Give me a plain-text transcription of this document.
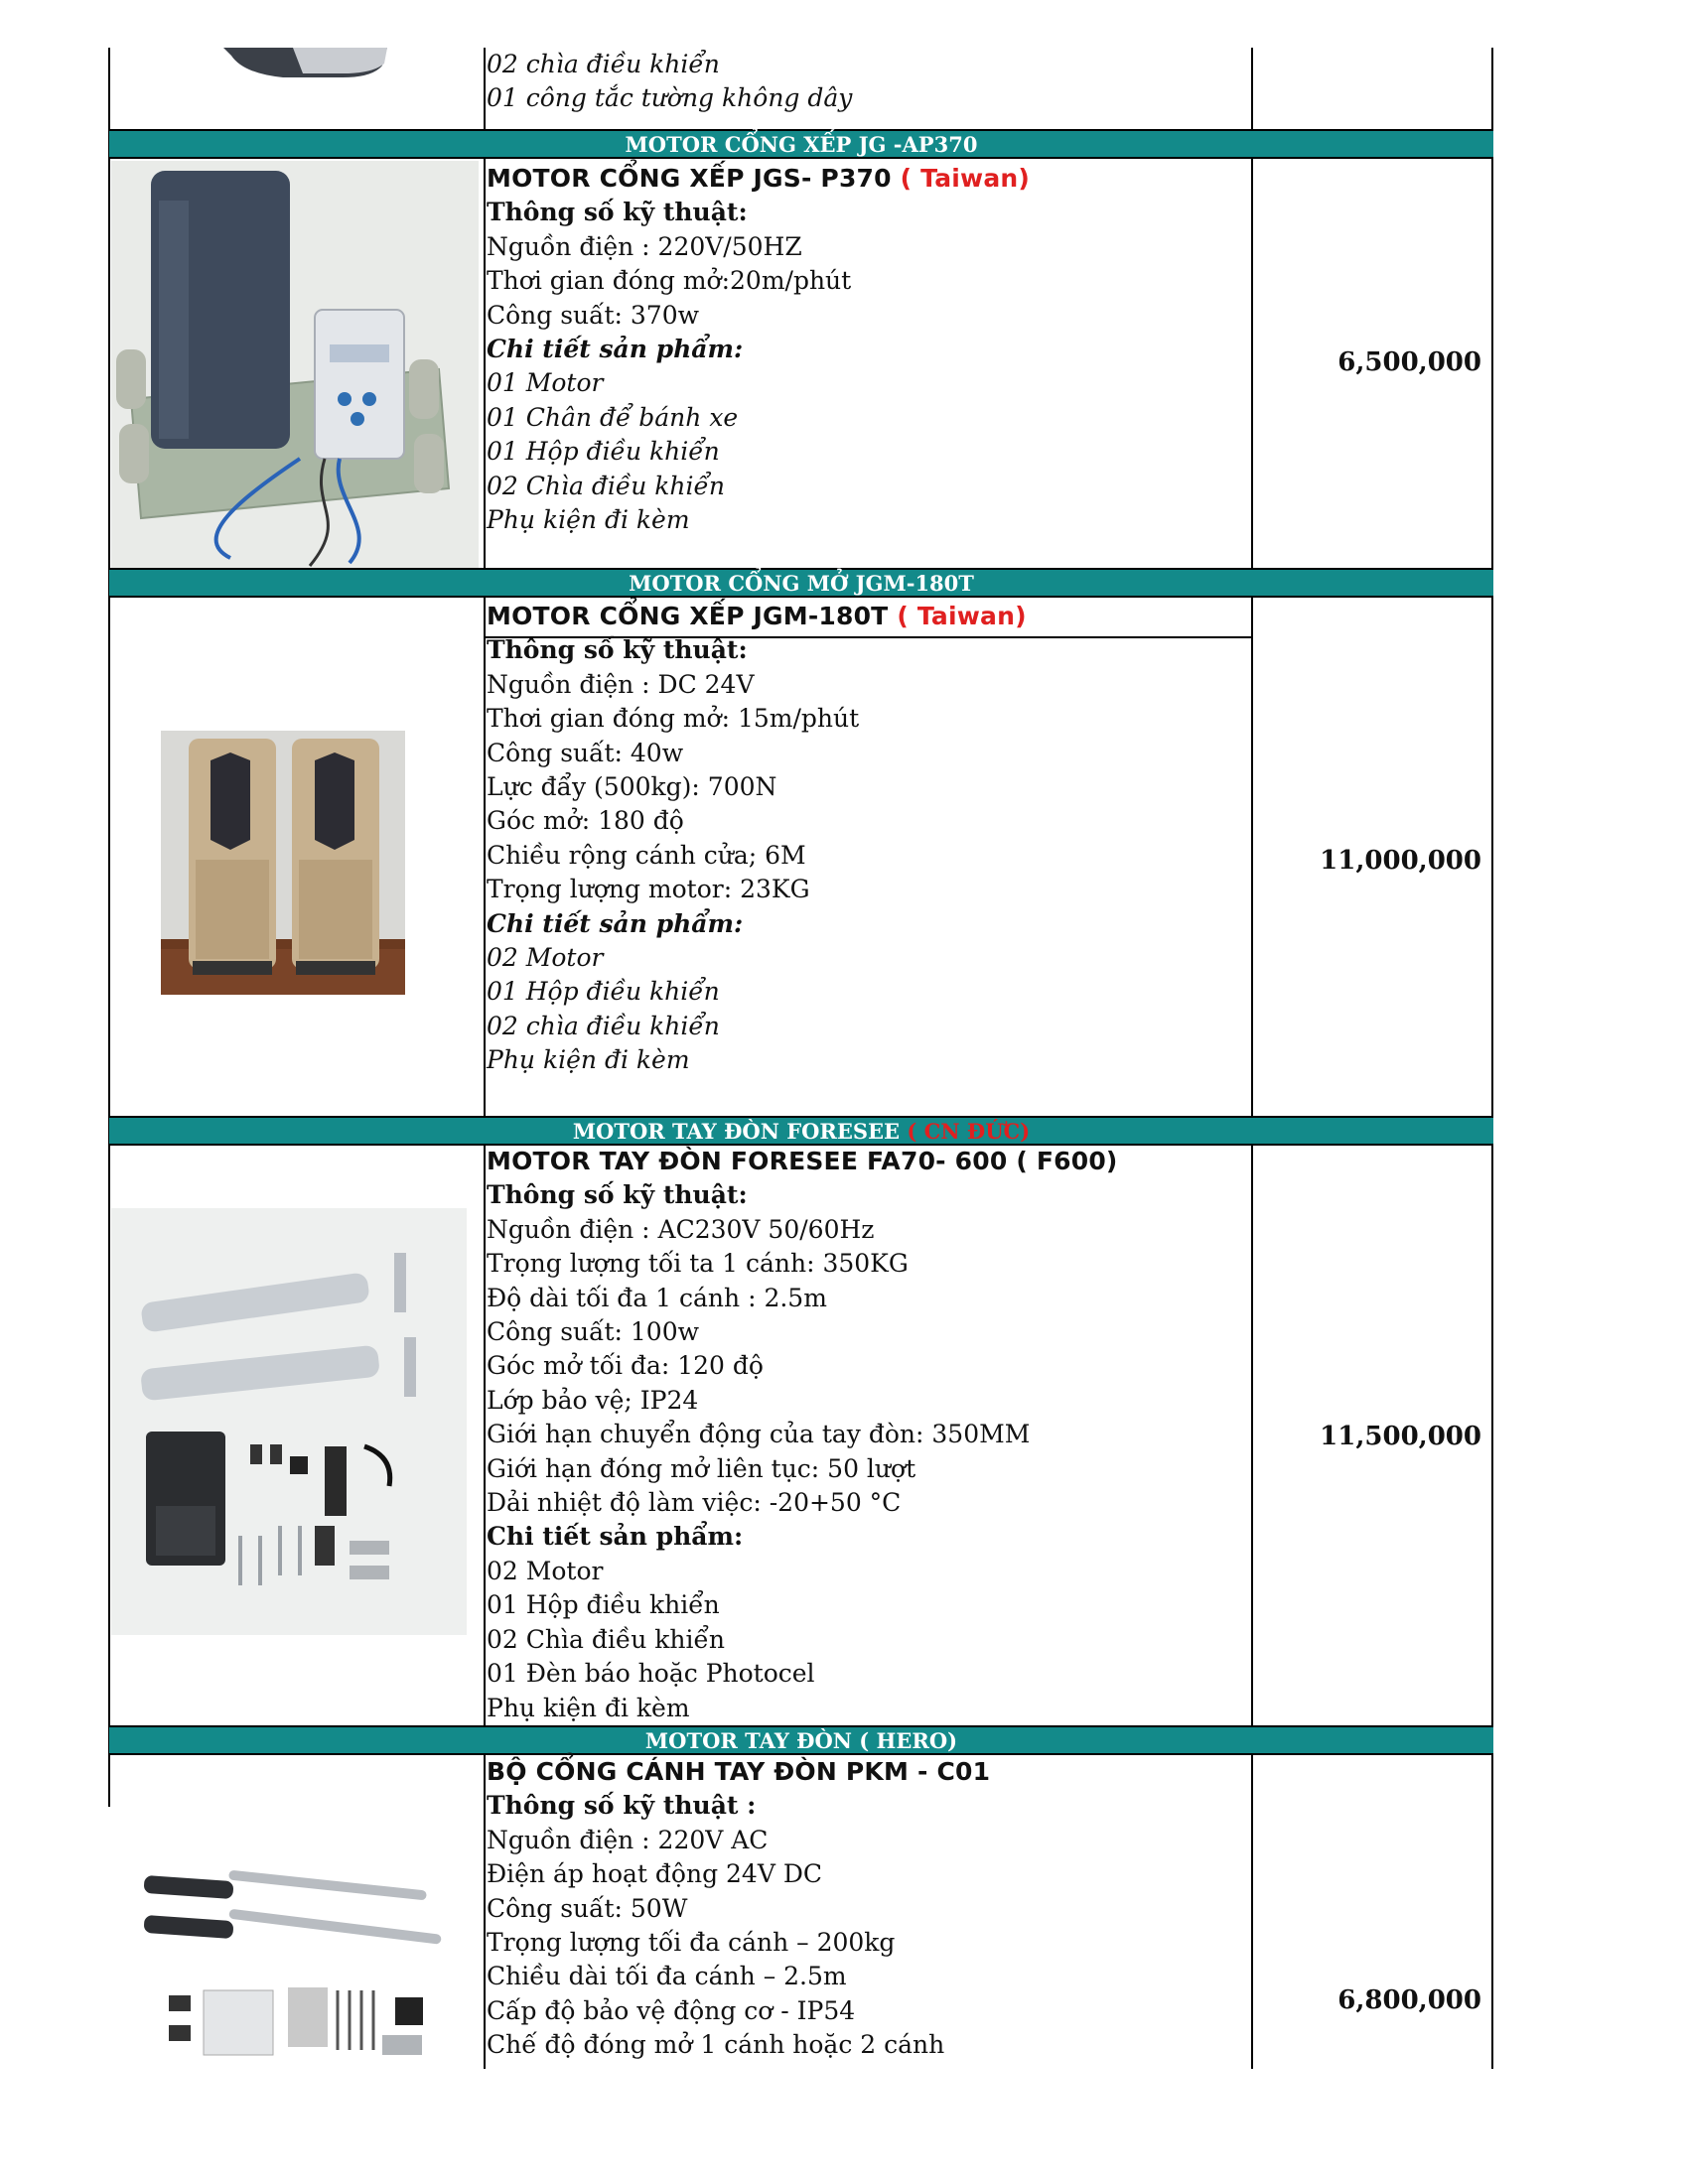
02 chìa điều khiển
01 công tắc tường không dây
MOTOR CỔNG XẾP JG -AP370
MOTOR CỔNG XẾP JGS- P370 ( Taiwan)
Thông số kỹ thuật:
Nguồn điện : 220V/50HZ
Thơi gian đóng mở:20m/phút
Công suất: 370w
Chi tiết sản phẩm:
01 Motor
01 Chân để bánh xe
01 Hộp điều khiển
02 Chìa điều khiển
Phụ kiện đi kèm
6,500,000
MOTOR CỔNG MỞ JGM-180T
MOTOR CỔNG XẾP JGM-180T ( Taiwan)
Thông số kỹ thuật:
Nguồn điện : DC 24V
Thơi gian đóng mở: 15m/phút
Công suất: 40w
Lực đẩy (500kg): 700N
Góc mở: 180 độ
Chiều rộng cánh cửa; 6M
Trọng lượng motor: 23KG
Chi tiết sản phẩm:
02 Motor
01 Hộp điều khiển
02 chìa điều khiển
Phụ kiện đi kèm
11,000,000
MOTOR TAY ĐÒN FORESEE ( CN ĐỨC)
MOTOR TAY ĐÒN FORESEE FA70- 600 ( F600)
Thông số kỹ thuật:
Nguồn điện : AC230V 50/60Hz
Trọng lượng tối ta 1 cánh: 350KG
Độ dài tối đa 1 cánh : 2.5m
Công suất: 100w
Góc mở tối đa: 120 độ
Lớp bảo vệ; IP24
Giới hạn chuyển động của tay đòn: 350MM
Giới hạn đóng mở liên tục: 50 lượt
Dải nhiệt độ làm việc: -20+50 °C
Chi tiết sản phẩm:
02 Motor
01 Hộp điều khiển
02 Chìa điều khiển
01 Đèn báo hoặc Photocel
Phụ kiện đi kèm
11,500,000
MOTOR TAY ĐÒN ( HERO)
BỘ CỔNG CÁNH TAY ĐÒN PKM - C01
Thông số kỹ thuật :
Nguồn điện : 220V AC
Điện áp hoạt động 24V DC
Công suất: 50W
Trọng lượng tối đa cánh – 200kg
Chiều dài tối đa cánh – 2.5m
Cấp độ bảo vệ động cơ - IP54
Chế độ đóng mở 1 cánh hoặc 2 cánh
6,800,000
